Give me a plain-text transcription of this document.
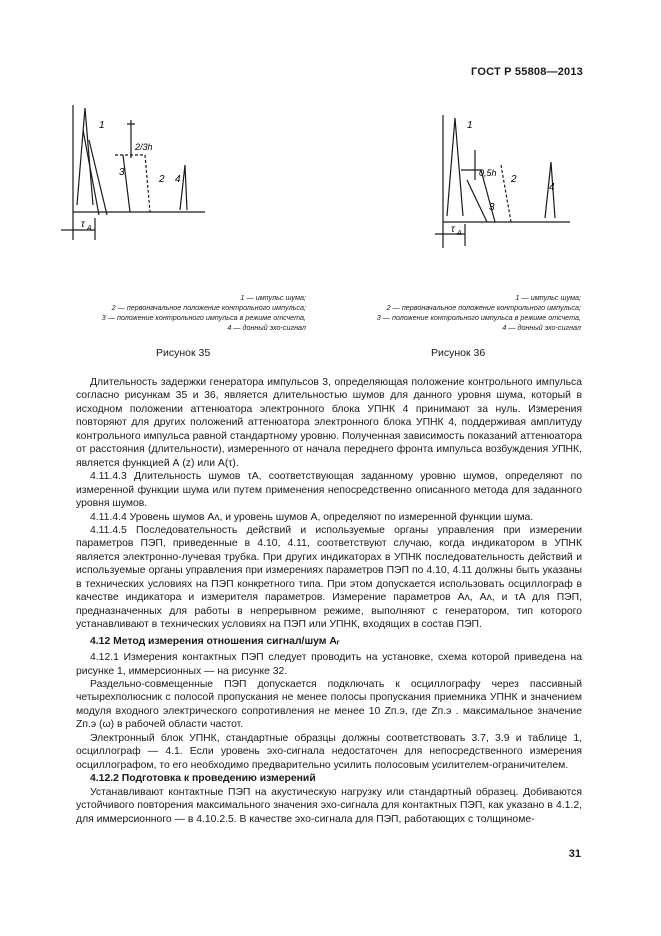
ГОСТ Р 55808—2013
1
2/3h
3
2 4
τ A
1
0,5h
2
3
4
τ A
1 — импульс шума;
2 — первоначальное положение контрольного импульса;
3 — положение контрольного импульса в режиме отсчета,
4 — донный эхо-сигнал
1 — импульс шума;
2 — первоначальное положение контрольного импульса;
3 — положение контрольного импульса в режиме отсчета,
4 — донный эхо-сигнал
Рисунок 35	Рисунок 36

Длительность задержки генератора импульсов 3, определяющая положение контрольного импульса согласно рисункам 35 и 36, является длительностью шумов для данного уровня шума, который в исходном положении аттенюатора электронного блока УПНК 4 принимают за нуль. Измерения повторяют для других положений аттенюатора электронного блока УПНК 4, поддерживая амплитуду контрольного импульса равной стандартному уровню. Полученная зависимость показаний аттенюатора от расстояния (длительности), измеренного от начала переднего фронта импульса возбуждения УПНК, является функцией А (z) или А(τ).

4.11.4.3 Длительность шумов τA, соответствующая заданному уровню шумов, определяют по измеренной функции шума или путем применения непосредственно описанного метода для заданного уровня шумов.

4.11.4.4 Уровень шумов Aᴧ, и уровень шумов A, определяют по измеренной функции шума.

4.11.4.5 Последовательность действий и используемые органы управления при измерении параметров ПЭП, приведенные в 4.10, 4.11, соответствуют случаю, когда индикатором в УПНК является электронно-лучевая трубка. При других индикаторах в УПНК последовательность действий и используемые органы управления при измерениях параметров ПЭП по 4.10, 4.11 должны быть указаны в технических условиях на ПЭП конкретного типа. При этом допускается использовать осциллограф в качестве индикатора и измерителя параметров. Измерение параметров Aᴧ, Aᴧ, и τA для ПЭП, предназначенных для работы в непрерывном режиме, выполняют с генератором, тип которого устанавливают в технических условиях на ПЭП или УПНК, входящих в состав ПЭП.

4.12 Метод измерения отношения сигнал/шум Aᵣ

4.12.1 Измерения контактных ПЭП следует проводить на установке, схема которой приведена на рисунке 1, иммерсионных — на рисунке 32.

Раздельно-совмещенные ПЭП допускается подключать к осциллографу через пассивный четырехполюсник с полосой пропускания не менее полосы пропускания приемника УПНК и значением модуля входного электрического сопротивления не менее 10 Zп.э, где Zп.э . максимальное значение Zп.э (ω) в рабочей области частот.

Электронный блок УПНК, стандартные образцы должны соответствовать 3.7, 3.9 и таблице 1, осциллограф — 4.1. Если уровень эхо-сигнала недостаточен для непосредственного измерения осциллографом, то его необходимо предварительно усилить полосовым усилителем-ограничителем.

4.12.2 Подготовка к проведению измерений

Устанавливают контактные ПЭП на акустическую нагрузку или стандартный образец. Добиваются устойчивого повторения максимального значения эхо-сигнала для контактных ПЭП, как указано в 4.1.2, для иммерсионного — в 4.10.2.5. В качестве эхо-сигнала для ПЭП, работающих с толщиноме-

31
